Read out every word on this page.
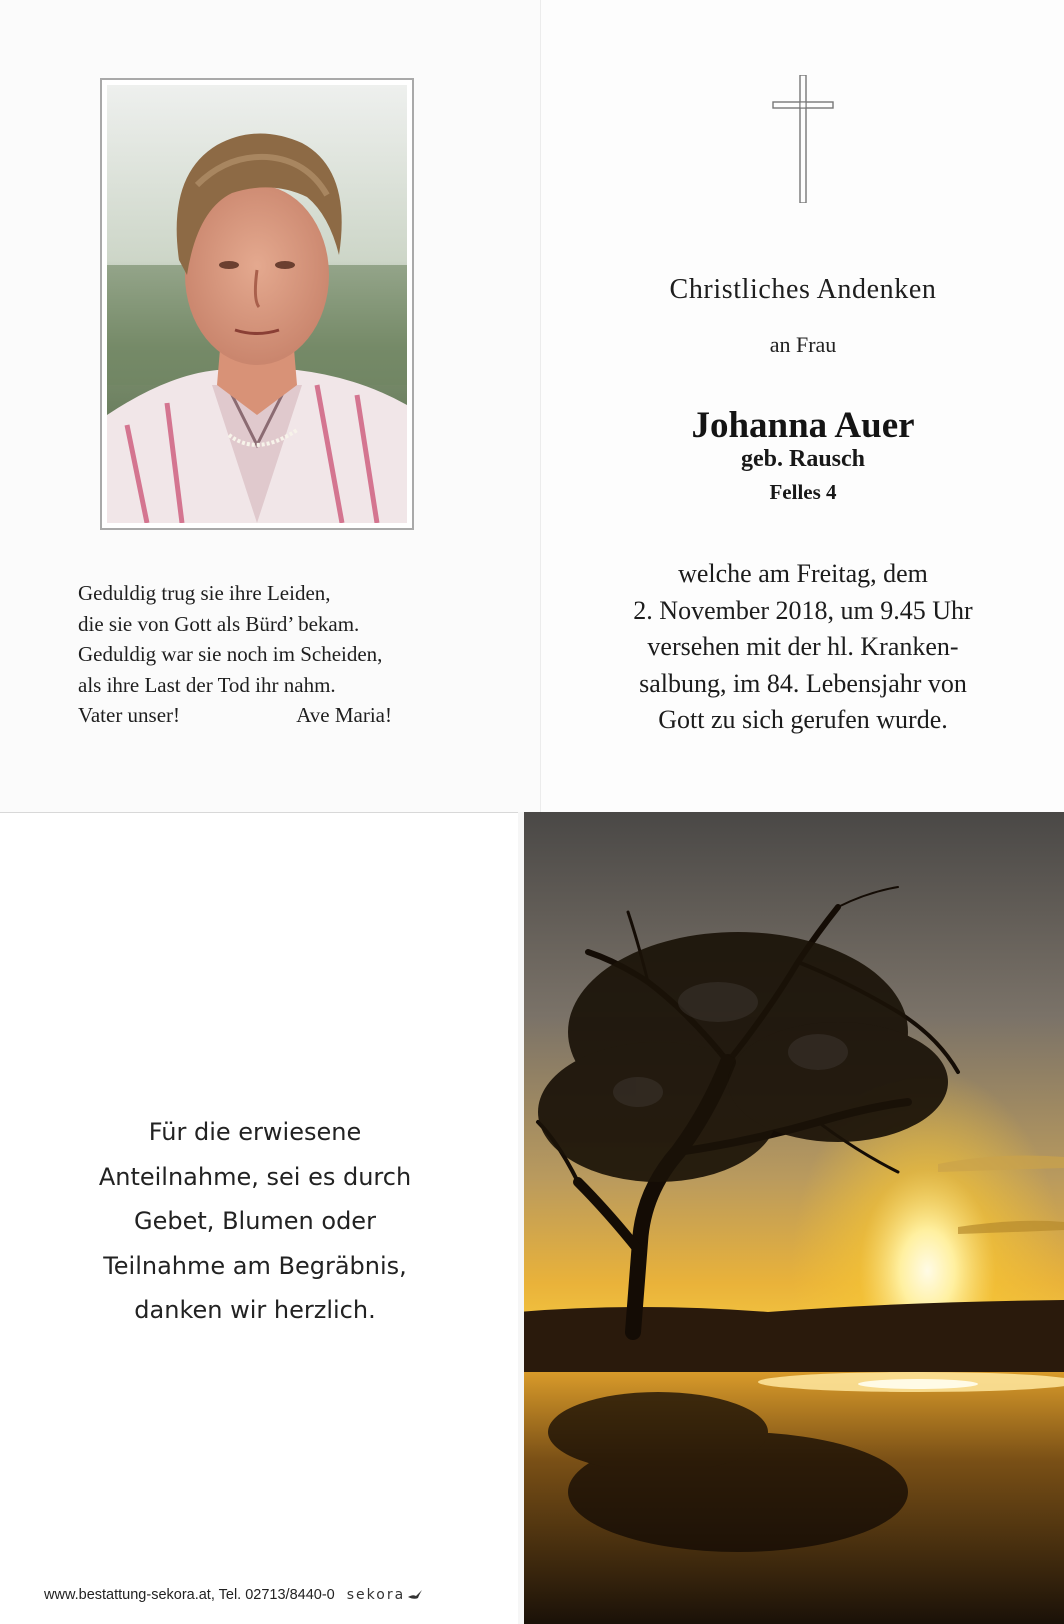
Geduldig trug sie ihre Leiden,
die sie von Gott als Bürd’ bekam.
Geduldig war sie noch im Scheiden,
als ihre Last der Tod ihr nahm.
Vater unser!	Ave Maria!
Christliches Andenken
an Frau
Johanna Auer
geb. Rausch
Felles 4
welche am Freitag, dem
2. November 2018, um 9.45 Uhr
versehen mit der hl. Kranken-
salbung, im 84. Lebensjahr von
Gott zu sich gerufen wurde.
Für die erwiesene
Anteilnahme, sei es durch
Gebet, Blumen oder
Teilnahme am Begräbnis,
danken wir herzlich.
www.bestattung-sekora.at, Tel. 02713/8440-0 sekora
